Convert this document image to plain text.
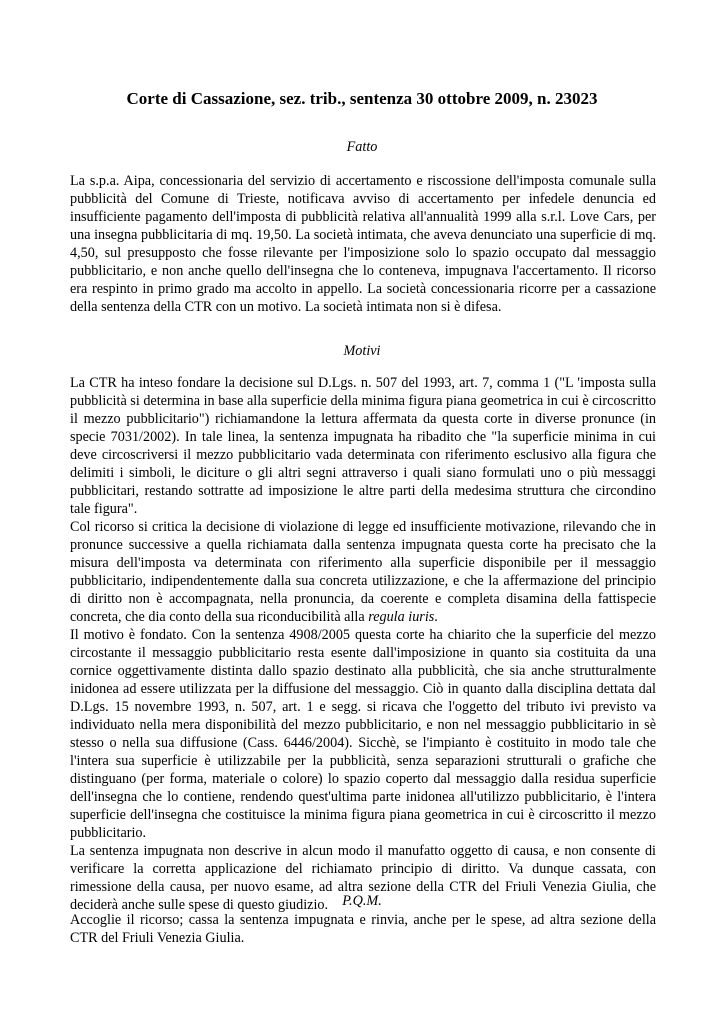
Corte di Cassazione, sez. trib., sentenza 30 ottobre 2009, n. 23023
Fatto

La s.p.a. Aipa, concessionaria del servizio di accertamento e riscossione dell'imposta comunale sulla pubblicità del Comune di Trieste, notificava avviso di accertamento per infedele denuncia ed insufficiente pagamento dell'imposta di pubblicità relativa all'annualità 1999 alla s.r.l. Love Cars, per una insegna pubblicitaria di mq. 19,50. La società intimata, che aveva denunciato una superficie di mq. 4,50, sul presupposto che fosse rilevante per l'imposizione solo lo spazio occupato dal messaggio pubblicitario, e non anche quello dell'insegna che lo conteneva, impugnava l'accertamento. Il ricorso era respinto in primo grado ma accolto in appello. La società concessionaria ricorre per a cassazione della sentenza della CTR con un motivo. La società intimata non si è difesa.

Motivi

La CTR ha inteso fondare la decisione sul D.Lgs. n. 507 del 1993, art. 7, comma 1 ("L 'imposta sulla pubblicità si determina in base alla superficie della minima figura piana geometrica in cui è circoscritto il mezzo pubblicitario") richiamandone la lettura affermata da questa corte in diverse pronunce (in specie 7031/2002). In tale linea, la sentenza impugnata ha ribadito che "la superficie minima in cui deve circoscriversi il mezzo pubblicitario vada determinata con riferimento esclusivo alla figura che delimiti i simboli, le diciture o gli altri segni attraverso i quali siano formulati uno o più messaggi pubblicitari, restando sottratte ad imposizione le altre parti della medesima struttura che circondino tale figura".

Col ricorso si critica la decisione di violazione di legge ed insufficiente motivazione, rilevando che in pronunce successive a quella richiamata dalla sentenza impugnata questa corte ha precisato che la misura dell'imposta va determinata con riferimento alla superficie disponibile per il messaggio pubblicitario, indipendentemente dalla sua concreta utilizzazione, e che la affermazione del principio di diritto non è accompagnata, nella pronuncia, da coerente e completa disamina della fattispecie concreta, che dia conto della sua riconducibilità alla regula iuris.

Il motivo è fondato. Con la sentenza 4908/2005 questa corte ha chiarito che la superficie del mezzo circostante il messaggio pubblicitario resta esente dall'imposizione in quanto sia costituita da una cornice oggettivamente distinta dallo spazio destinato alla pubblicità, che sia anche strutturalmente inidonea ad essere utilizzata per la diffusione del messaggio. Ciò in quanto dalla disciplina dettata dal D.Lgs. 15 novembre 1993, n. 507, art. 1 e segg. si ricava che l'oggetto del tributo ivi previsto va individuato nella mera disponibilità del mezzo pubblicitario, e non nel messaggio pubblicitario in sè stesso o nella sua diffusione (Cass. 6446/2004). Sicchè, se l'impianto è costituito in modo tale che l'intera sua superficie è utilizzabile per la pubblicità, senza separazioni strutturali o grafiche che distinguano (per forma, materiale o colore) lo spazio coperto dal messaggio dalla residua superficie dell'insegna che lo contiene, rendendo quest'ultima parte inidonea all'utilizzo pubblicitario, è l'intera superficie dell'insegna che costituisce la minima figura piana geometrica in cui è circoscritto il mezzo pubblicitario.

La sentenza impugnata non descrive in alcun modo il manufatto oggetto di causa, e non consente di verificare la corretta applicazione del richiamato principio di diritto. Va dunque cassata, con rimessione della causa, per nuovo esame, ad altra sezione della CTR del Friuli Venezia Giulia, che deciderà anche sulle spese di questo giudizio. P.Q.M.

Accoglie il ricorso; cassa la sentenza impugnata e rinvia, anche per le spese, ad altra sezione della CTR del Friuli Venezia Giulia.
